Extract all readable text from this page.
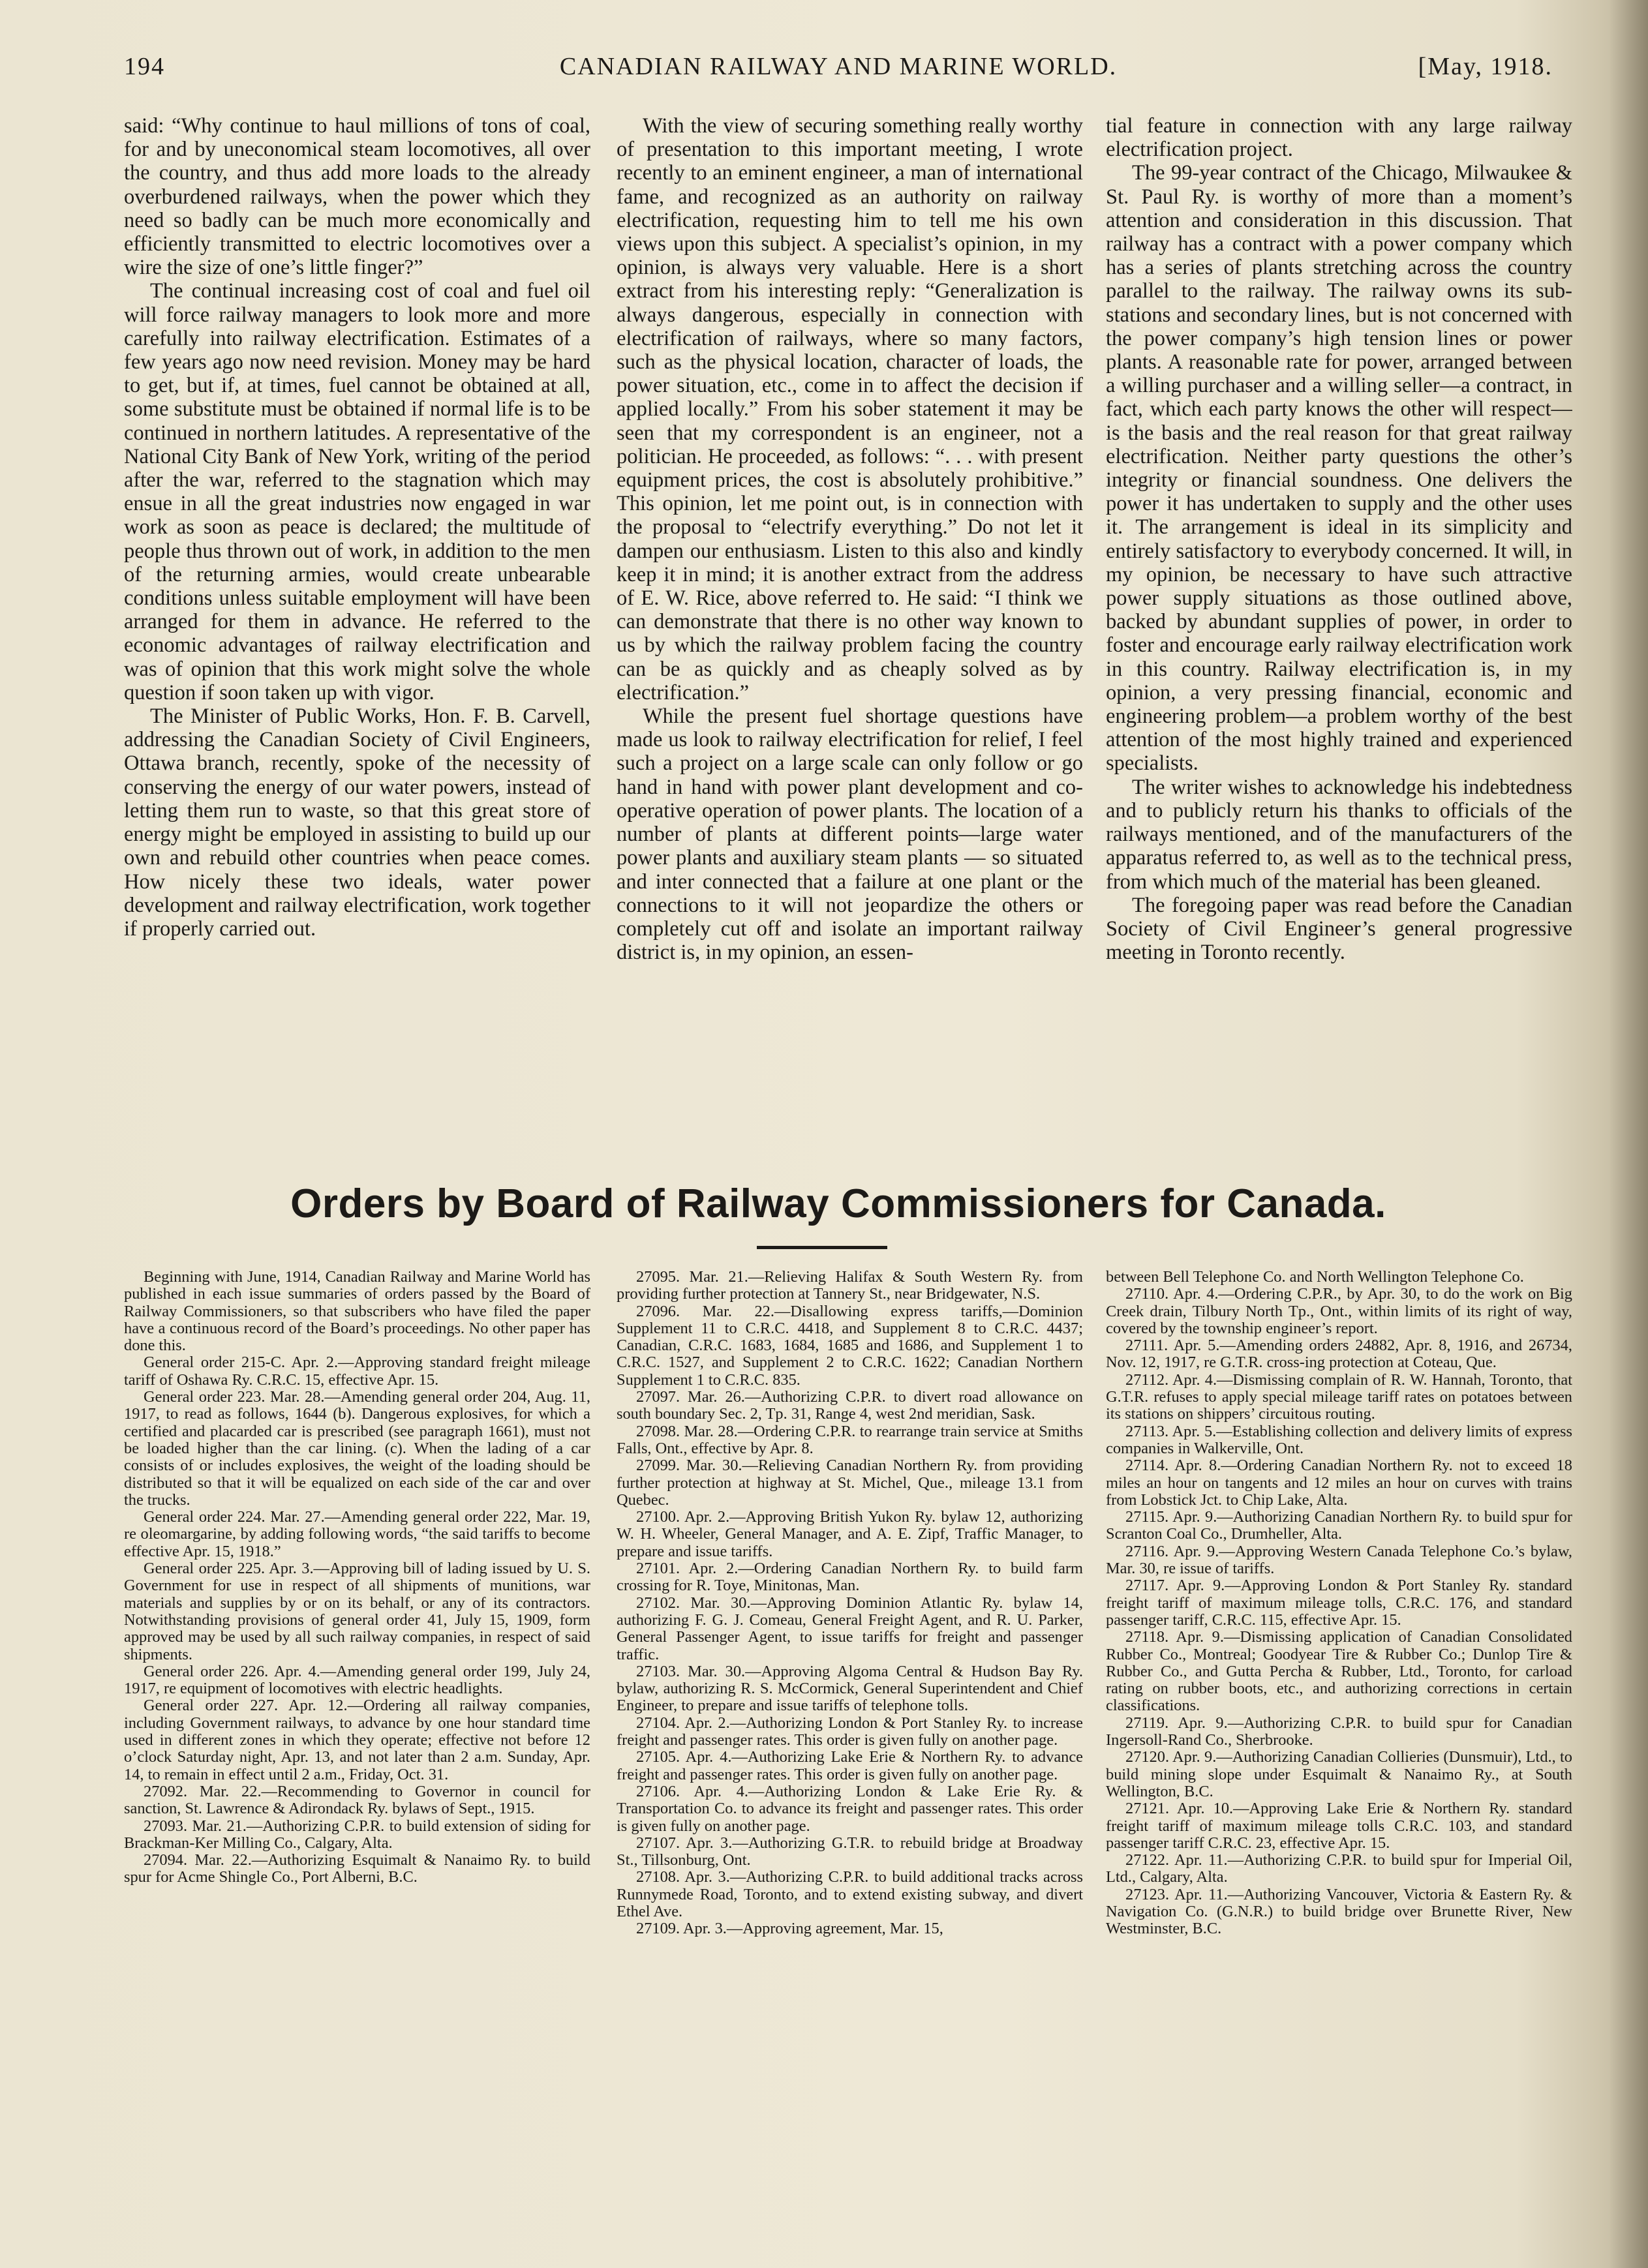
194	CANADIAN RAILWAY AND MARINE WORLD.	[May, 1918.

said: “Why continue to haul millions of tons of coal, for and by uneconomical steam locomotives, all over the country, and thus add more loads to the already overburdened railways, when the power which they need so badly can be much more economically and efficiently transmitted to electric locomotives over a wire the size of one’s little finger?”

The continual increasing cost of coal and fuel oil will force railway managers to look more and more carefully into railway electrification. Estimates of a few years ago now need revision. Money may be hard to get, but if, at times, fuel cannot be obtained at all, some substitute must be obtained if normal life is to be continued in northern latitudes. A representative of the National City Bank of New York, writing of the period after the war, referred to the stagnation which may ensue in all the great industries now engaged in war work as soon as peace is declared; the multitude of people thus thrown out of work, in addition to the men of the returning armies, would create unbearable conditions unless suitable employment will have been arranged for them in advance. He referred to the economic advantages of railway electrification and was of opinion that this work might solve the whole question if soon taken up with vigor.

The Minister of Public Works, Hon. F. B. Carvell, addressing the Canadian Society of Civil Engineers, Ottawa branch, recently, spoke of the necessity of conserving the energy of our water powers, instead of letting them run to waste, so that this great store of energy might be employed in assisting to build up our own and rebuild other countries when peace comes. How nicely these two ideals, water power development and railway electrification, work together if properly carried out.

With the view of securing something really worthy of presentation to this important meeting, I wrote recently to an eminent engineer, a man of international fame, and recognized as an authority on railway electrification, requesting him to tell me his own views upon this subject. A specialist’s opinion, in my opinion, is always very valuable. Here is a short extract from his interesting reply: “Generalization is always dangerous, especially in connection with electrification of railways, where so many factors, such as the physical location, character of loads, the power situation, etc., come in to affect the decision if applied locally.” From his sober statement it may be seen that my correspondent is an engineer, not a politician. He proceeded, as follows: “. . . with present equipment prices, the cost is absolutely prohibitive.” This opinion, let me point out, is in connection with the proposal to “electrify everything.” Do not let it dampen our enthusiasm. Listen to this also and kindly keep it in mind; it is another extract from the address of E. W. Rice, above referred to. He said: “I think we can demonstrate that there is no other way known to us by which the railway problem facing the country can be as quickly and as cheaply solved as by electrification.”

While the present fuel shortage questions have made us look to railway electrification for relief, I feel such a project on a large scale can only follow or go hand in hand with power plant development and co-operative operation of power plants. The location of a number of plants at different points—large water power plants and auxiliary steam plants — so situated and inter connected that a failure at one plant or the connections to it will not jeopardize the others or completely cut off and isolate an important railway district is, in my opinion, an essen-

tial feature in connection with any large railway electrification project.

The 99-year contract of the Chicago, Milwaukee & St. Paul Ry. is worthy of more than a moment’s attention and consideration in this discussion. That railway has a contract with a power company which has a series of plants stretching across the country parallel to the railway. The railway owns its sub-stations and secondary lines, but is not concerned with the power company’s high tension lines or power plants. A reasonable rate for power, arranged between a willing purchaser and a willing seller—a contract, in fact, which each party knows the other will respect—is the basis and the real reason for that great railway electrification. Neither party questions the other’s integrity or financial soundness. One delivers the power it has undertaken to supply and the other uses it. The arrangement is ideal in its simplicity and entirely satisfactory to everybody concerned. It will, in my opinion, be necessary to have such attractive power supply situations as those outlined above, backed by abundant supplies of power, in order to foster and encourage early railway electrification work in this country. Railway electrification is, in my opinion, a very pressing financial, economic and engineering problem—a problem worthy of the best attention of the most highly trained and experienced specialists.

The writer wishes to acknowledge his indebtedness and to publicly return his thanks to officials of the railways mentioned, and of the manufacturers of the apparatus referred to, as well as to the technical press, from which much of the material has been gleaned.

The foregoing paper was read before the Canadian Society of Civil Engineer’s general progressive meeting in Toronto recently.

Orders by Board of Railway Commissioners for Canada.

Beginning with June, 1914, Canadian Railway and Marine World has published in each issue summaries of orders passed by the Board of Railway Commissioners, so that subscribers who have filed the paper have a continuous record of the Board’s proceedings. No other paper has done this.

General order 215-C. Apr. 2.—Approving standard freight mileage tariff of Oshawa Ry. C.R.C. 15, effective Apr. 15.

General order 223. Mar. 28.—Amending general order 204, Aug. 11, 1917, to read as follows, 1644 (b). Dangerous explosives, for which a certified and placarded car is prescribed (see paragraph 1661), must not be loaded higher than the car lining. (c). When the lading of a car consists of or includes explosives, the weight of the loading should be distributed so that it will be equalized on each side of the car and over the trucks.

General order 224. Mar. 27.—Amending general order 222, Mar. 19, re oleomargarine, by adding following words, “the said tariffs to become effective Apr. 15, 1918.”

General order 225. Apr. 3.—Approving bill of lading issued by U. S. Government for use in respect of all shipments of munitions, war materials and supplies by or on its behalf, or any of its contractors. Notwithstanding provisions of general order 41, July 15, 1909, form approved may be used by all such railway companies, in respect of said shipments.

General order 226. Apr. 4.—Amending general order 199, July 24, 1917, re equipment of locomotives with electric headlights.

General order 227. Apr. 12.—Ordering all railway companies, including Government railways, to advance by one hour standard time used in different zones in which they operate; effective not before 12 o’clock Saturday night, Apr. 13, and not later than 2 a.m. Sunday, Apr. 14, to remain in effect until 2 a.m., Friday, Oct. 31.

27092. Mar. 22.—Recommending to Governor in council for sanction, St. Lawrence & Adirondack Ry. bylaws of Sept., 1915.

27093. Mar. 21.—Authorizing C.P.R. to build extension of siding for Brackman-Ker Milling Co., Calgary, Alta.

27094. Mar. 22.—Authorizing Esquimalt & Nanaimo Ry. to build spur for Acme Shingle Co., Port Alberni, B.C.

27095. Mar. 21.—Relieving Halifax & South Western Ry. from providing further protection at Tannery St., near Bridgewater, N.S.

27096. Mar. 22.—Disallowing express tariffs,—Dominion Supplement 11 to C.R.C. 4418, and Supplement 8 to C.R.C. 4437; Canadian, C.R.C. 1683, 1684, 1685 and 1686, and Supplement 1 to C.R.C. 1527, and Supplement 2 to C.R.C. 1622; Canadian Northern Supplement 1 to C.R.C. 835.

27097. Mar. 26.—Authorizing C.P.R. to divert road allowance on south boundary Sec. 2, Tp. 31, Range 4, west 2nd meridian, Sask.

27098. Mar. 28.—Ordering C.P.R. to rearrange train service at Smiths Falls, Ont., effective by Apr. 8.

27099. Mar. 30.—Relieving Canadian Northern Ry. from providing further protection at highway at St. Michel, Que., mileage 13.1 from Quebec.

27100. Apr. 2.—Approving British Yukon Ry. bylaw 12, authorizing W. H. Wheeler, General Manager, and A. E. Zipf, Traffic Manager, to prepare and issue tariffs.

27101. Apr. 2.—Ordering Canadian Northern Ry. to build farm crossing for R. Toye, Minitonas, Man.

27102. Mar. 30.—Approving Dominion Atlantic Ry. bylaw 14, authorizing F. G. J. Comeau, General Freight Agent, and R. U. Parker, General Passenger Agent, to issue tariffs for freight and passenger traffic.

27103. Mar. 30.—Approving Algoma Central & Hudson Bay Ry. bylaw, authorizing R. S. McCormick, General Superintendent and Chief Engineer, to prepare and issue tariffs of telephone tolls.

27104. Apr. 2.—Authorizing London & Port Stanley Ry. to increase freight and passenger rates. This order is given fully on another page.

27105. Apr. 4.—Authorizing Lake Erie & Northern Ry. to advance freight and passenger rates. This order is given fully on another page.

27106. Apr. 4.—Authorizing London & Lake Erie Ry. & Transportation Co. to advance its freight and passenger rates. This order is given fully on another page.

27107. Apr. 3.—Authorizing G.T.R. to rebuild bridge at Broadway St., Tillsonburg, Ont.

27108. Apr. 3.—Authorizing C.P.R. to build additional tracks across Runnymede Road, Toronto, and to extend existing subway, and divert Ethel Ave.

27109. Apr. 3.—Approving agreement, Mar. 15,

between Bell Telephone Co. and North Wellington Telephone Co.

27110. Apr. 4.—Ordering C.P.R., by Apr. 30, to do the work on Big Creek drain, Tilbury North Tp., Ont., within limits of its right of way, covered by the township engineer’s report.

27111. Apr. 5.—Amending orders 24882, Apr. 8, 1916, and 26734, Nov. 12, 1917, re G.T.R. cross-ing protection at Coteau, Que.

27112. Apr. 4.—Dismissing complain of R. W. Hannah, Toronto, that G.T.R. refuses to apply special mileage tariff rates on potatoes between its stations on shippers’ circuitous routing.

27113. Apr. 5.—Establishing collection and delivery limits of express companies in Walkerville, Ont.

27114. Apr. 8.—Ordering Canadian Northern Ry. not to exceed 18 miles an hour on tangents and 12 miles an hour on curves with trains from Lobstick Jct. to Chip Lake, Alta.

27115. Apr. 9.—Authorizing Canadian Northern Ry. to build spur for Scranton Coal Co., Drumheller, Alta.

27116. Apr. 9.—Approving Western Canada Telephone Co.’s bylaw, Mar. 30, re issue of tariffs.

27117. Apr. 9.—Approving London & Port Stanley Ry. standard freight tariff of maximum mileage tolls, C.R.C. 176, and standard passenger tariff, C.R.C. 115, effective Apr. 15.

27118. Apr. 9.—Dismissing application of Canadian Consolidated Rubber Co., Montreal; Goodyear Tire & Rubber Co.; Dunlop Tire & Rubber Co., and Gutta Percha & Rubber, Ltd., Toronto, for carload rating on rubber boots, etc., and authorizing corrections in certain classifications.

27119. Apr. 9.—Authorizing C.P.R. to build spur for Canadian Ingersoll-Rand Co., Sherbrooke.

27120. Apr. 9.—Authorizing Canadian Collieries (Dunsmuir), Ltd., to build mining slope under Esquimalt & Nanaimo Ry., at South Wellington, B.C.

27121. Apr. 10.—Approving Lake Erie & Northern Ry. standard freight tariff of maximum mileage tolls C.R.C. 103, and standard passenger tariff C.R.C. 23, effective Apr. 15.

27122. Apr. 11.—Authorizing C.P.R. to build spur for Imperial Oil, Ltd., Calgary, Alta.

27123. Apr. 11.—Authorizing Vancouver, Victoria & Eastern Ry. & Navigation Co. (G.N.R.) to build bridge over Brunette River, New Westminster, B.C.
